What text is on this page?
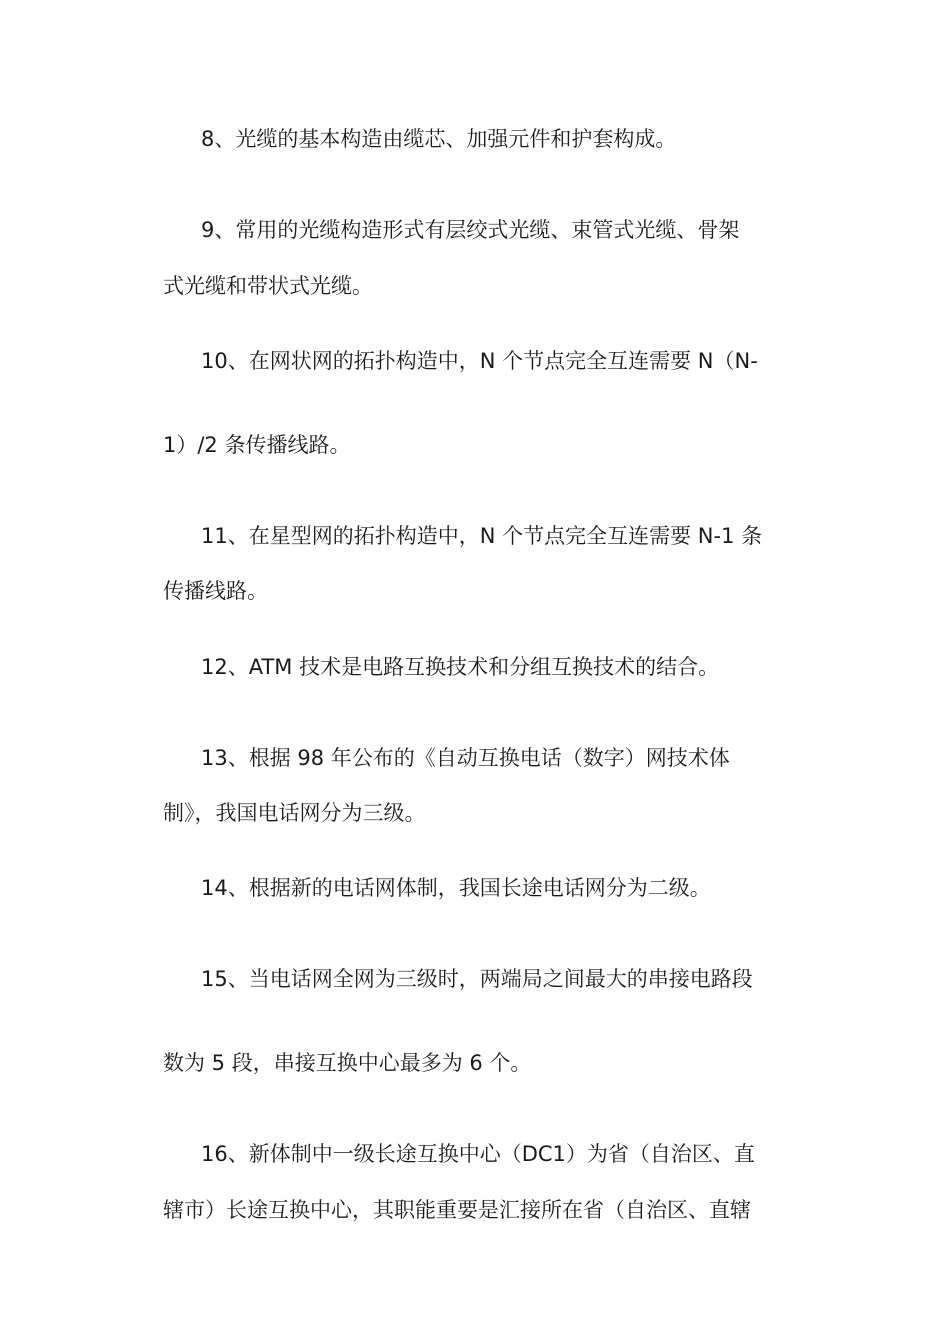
8、光缆的基本构造由缆芯、加强元件和护套构成。
9、常用的光缆构造形式有层绞式光缆、束管式光缆、骨架
式光缆和带状式光缆。
10、在网状网的拓扑构造中，N 个节点完全互连需要 N（N-
1）/2 条传播线路。
11、在星型网的拓扑构造中，N 个节点完全互连需要 N-1 条
传播线路。
12、ATM 技术是电路互换技术和分组互换技术的结合。
13、根据 98 年公布的《自动互换电话（数字）网技术体
制》，我国电话网分为三级。
14、根据新的电话网体制，我国长途电话网分为二级。
15、当电话网全网为三级时，两端局之间最大的串接电路段
数为 5 段，串接互换中心最多为 6 个。
16、新体制中一级长途互换中心（DC1）为省（自治区、直
辖市）长途互换中心，其职能重要是汇接所在省（自治区、直辖
